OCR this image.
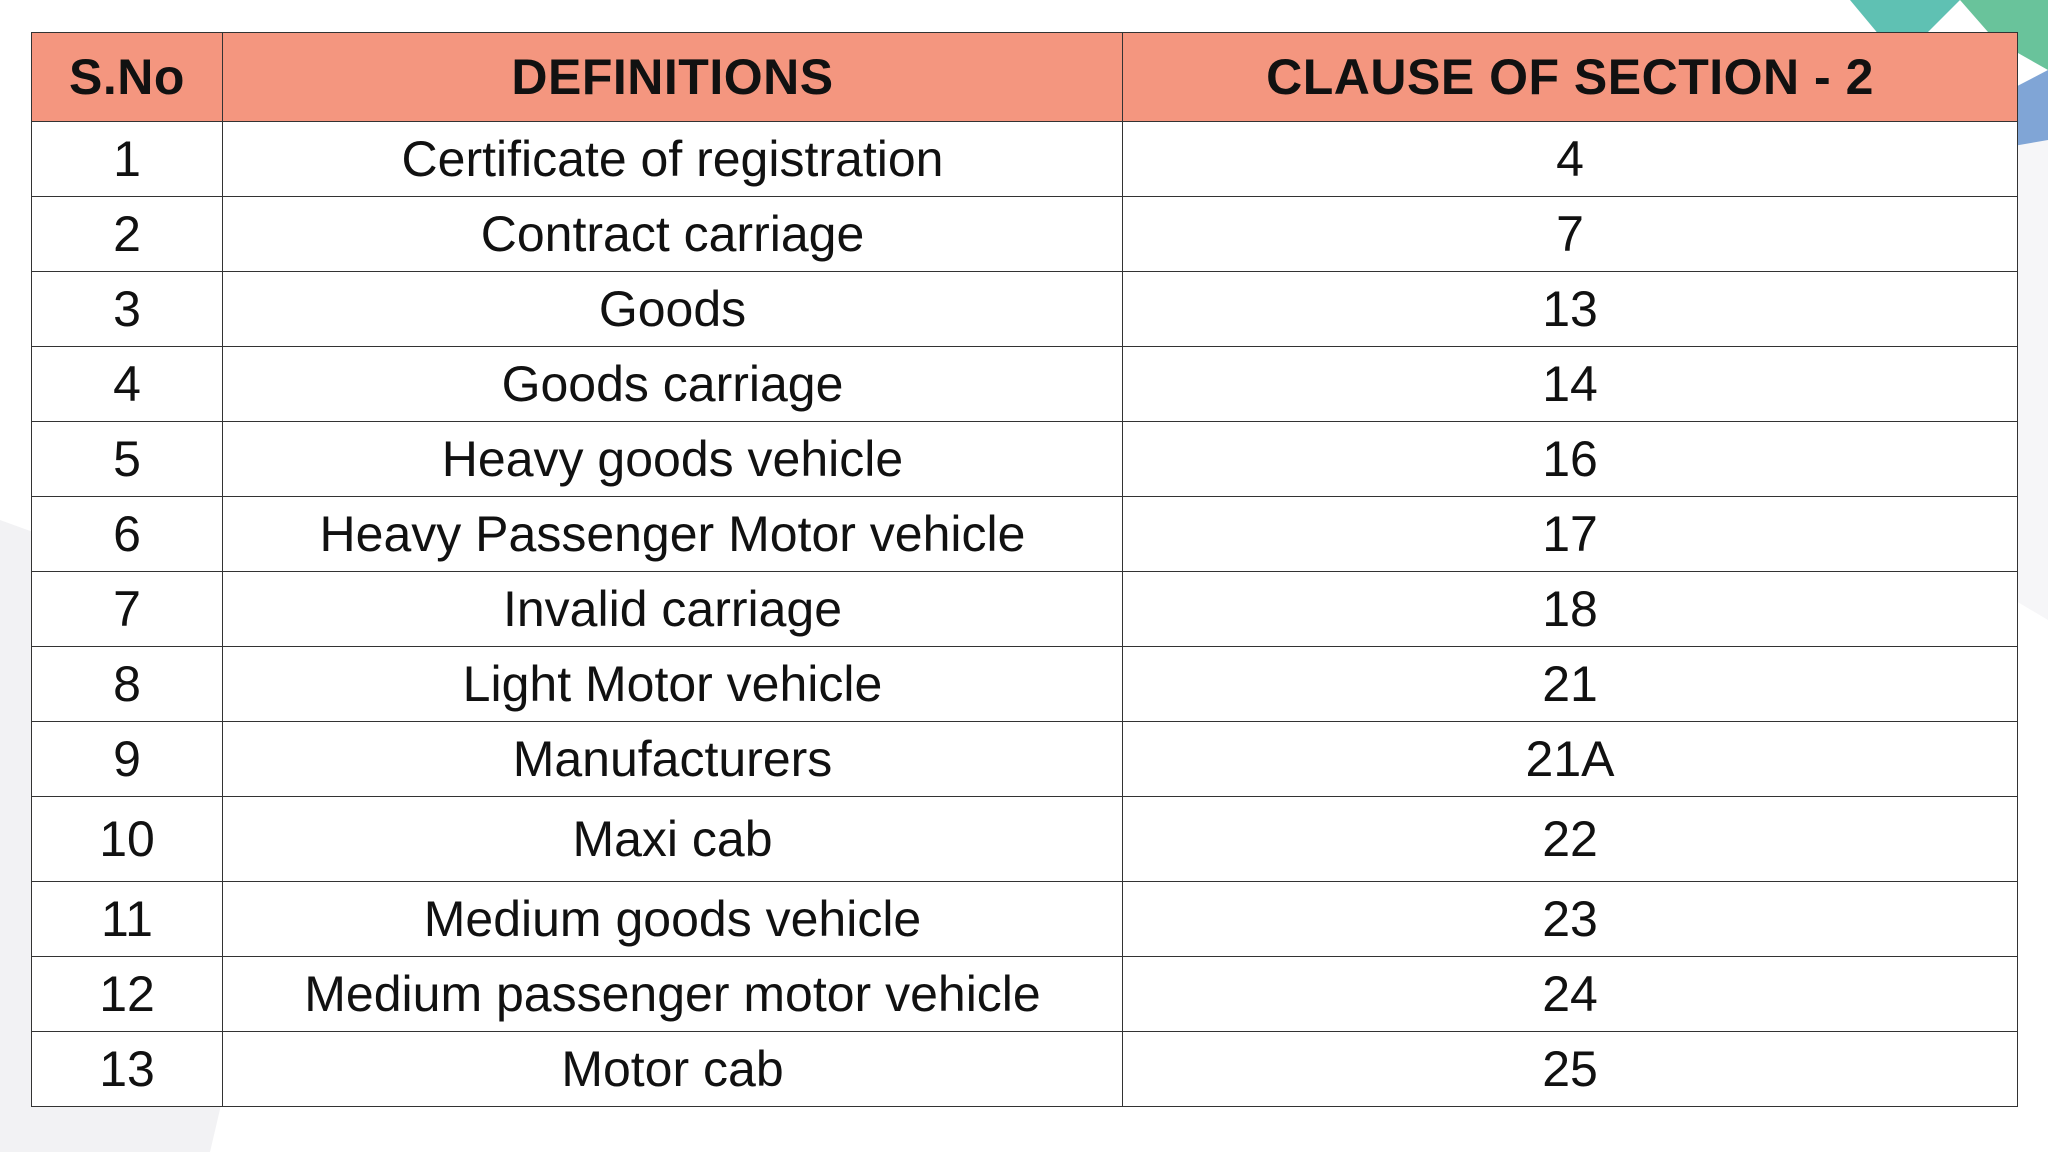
S.No	DEFINITIONS	CLAUSE OF SECTION - 2
1	Certificate of registration	4
2	Contract carriage	7
3	Goods	13
4	Goods carriage	14
5	Heavy goods vehicle	16
6	Heavy Passenger Motor vehicle	17
7	Invalid carriage	18
8	Light Motor vehicle	21
9	Manufacturers	21A
10	Maxi cab	22
11	Medium goods vehicle	23
12	Medium passenger motor vehicle	24
13	Motor cab	25
